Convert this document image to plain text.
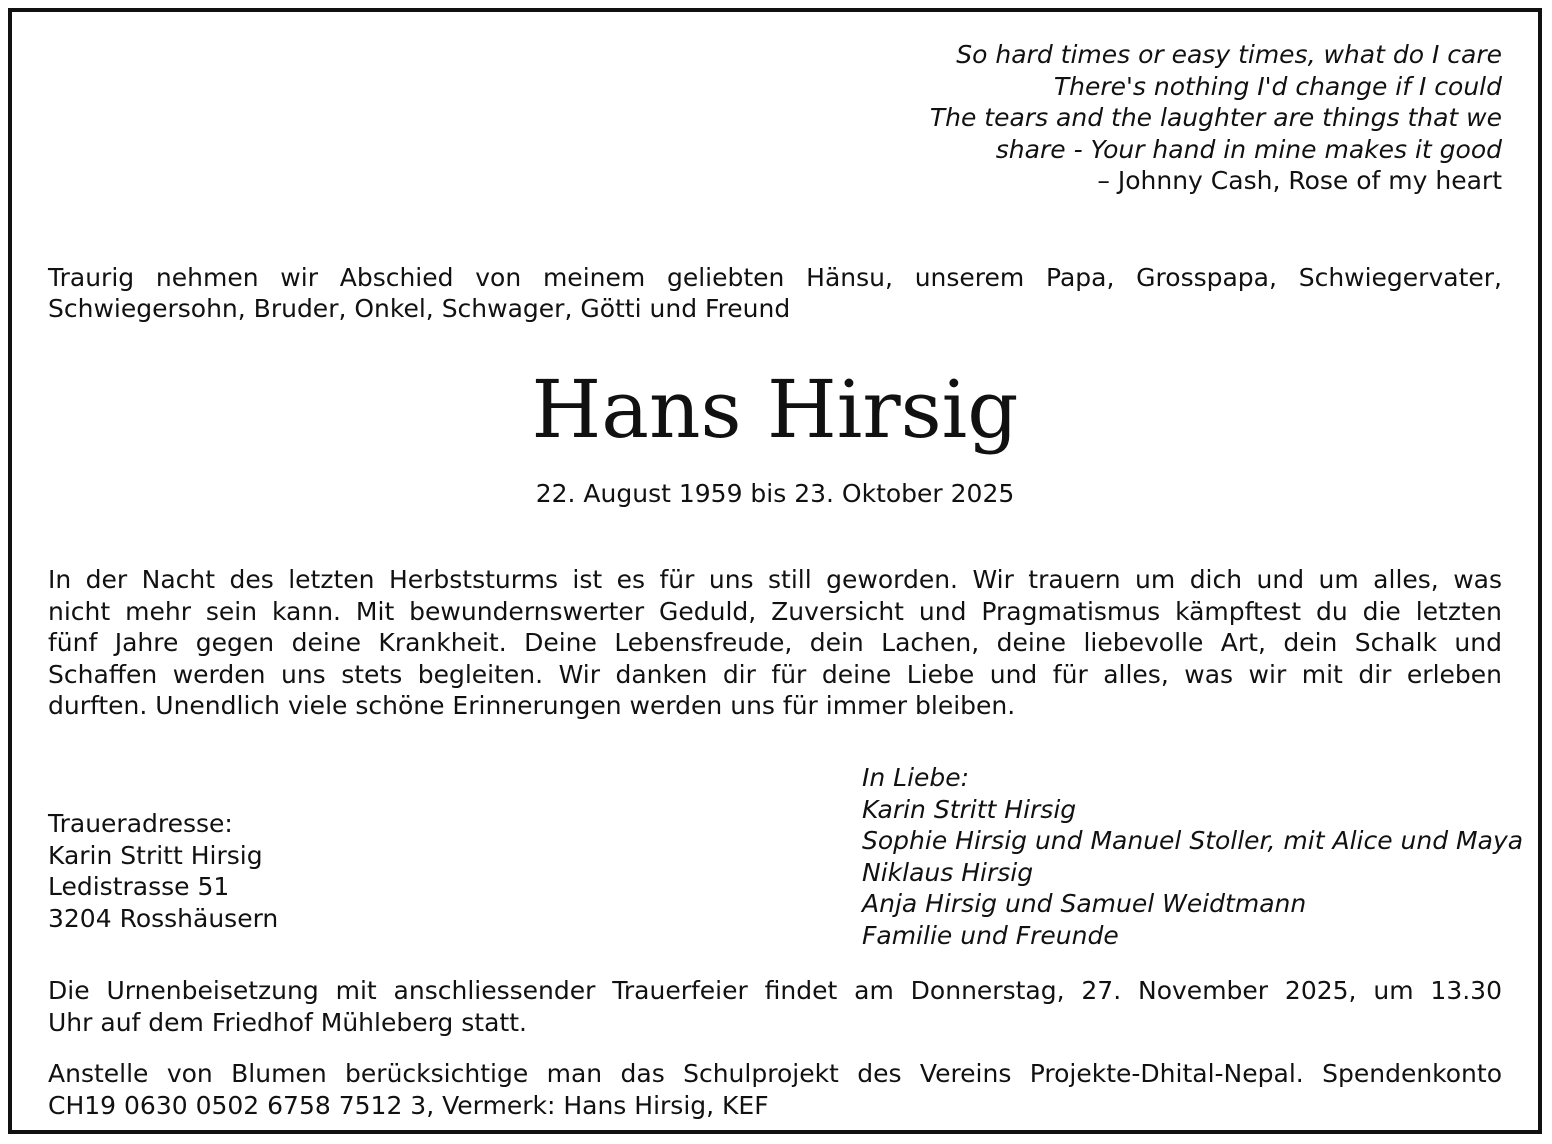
So hard times or easy times, what do I care
There's nothing I'd change if I could
The tears and the laughter are things that we
share - Your hand in mine makes it good
– Johnny Cash, Rose of my heart
Traurig nehmen wir Abschied von meinem geliebten Hänsu, unserem Papa, Grosspapa, Schwiegervater,
Schwiegersohn, Bruder, Onkel, Schwager, Götti und Freund
Hans Hirsig
22. August 1959 bis 23. Oktober 2025
In der Nacht des letzten Herbststurms ist es für uns still geworden. Wir trauern um dich und um alles, was
nicht mehr sein kann. Mit bewundernswerter Geduld, Zuversicht und Pragmatismus kämpftest du die letzten
fünf Jahre gegen deine Krankheit. Deine Lebensfreude, dein Lachen, deine liebevolle Art, dein Schalk und
Schaffen werden uns stets begleiten. Wir danken dir für deine Liebe und für alles, was wir mit dir erleben
durften. Unendlich viele schöne Erinnerungen werden uns für immer bleiben.
Traueradresse:
Karin Stritt Hirsig
Ledistrasse 51
3204 Rosshäusern
In Liebe:
Karin Stritt Hirsig
Sophie Hirsig und Manuel Stoller, mit Alice und Maya
Niklaus Hirsig
Anja Hirsig und Samuel Weidtmann
Familie und Freunde
Die Urnenbeisetzung mit anschliessender Trauerfeier findet am Donnerstag, 27. November 2025, um 13.30
Uhr auf dem Friedhof Mühleberg statt.
Anstelle von Blumen berücksichtige man das Schulprojekt des Vereins Projekte-Dhital-Nepal. Spendenkonto
CH19 0630 0502 6758 7512 3, Vermerk: Hans Hirsig, KEF
